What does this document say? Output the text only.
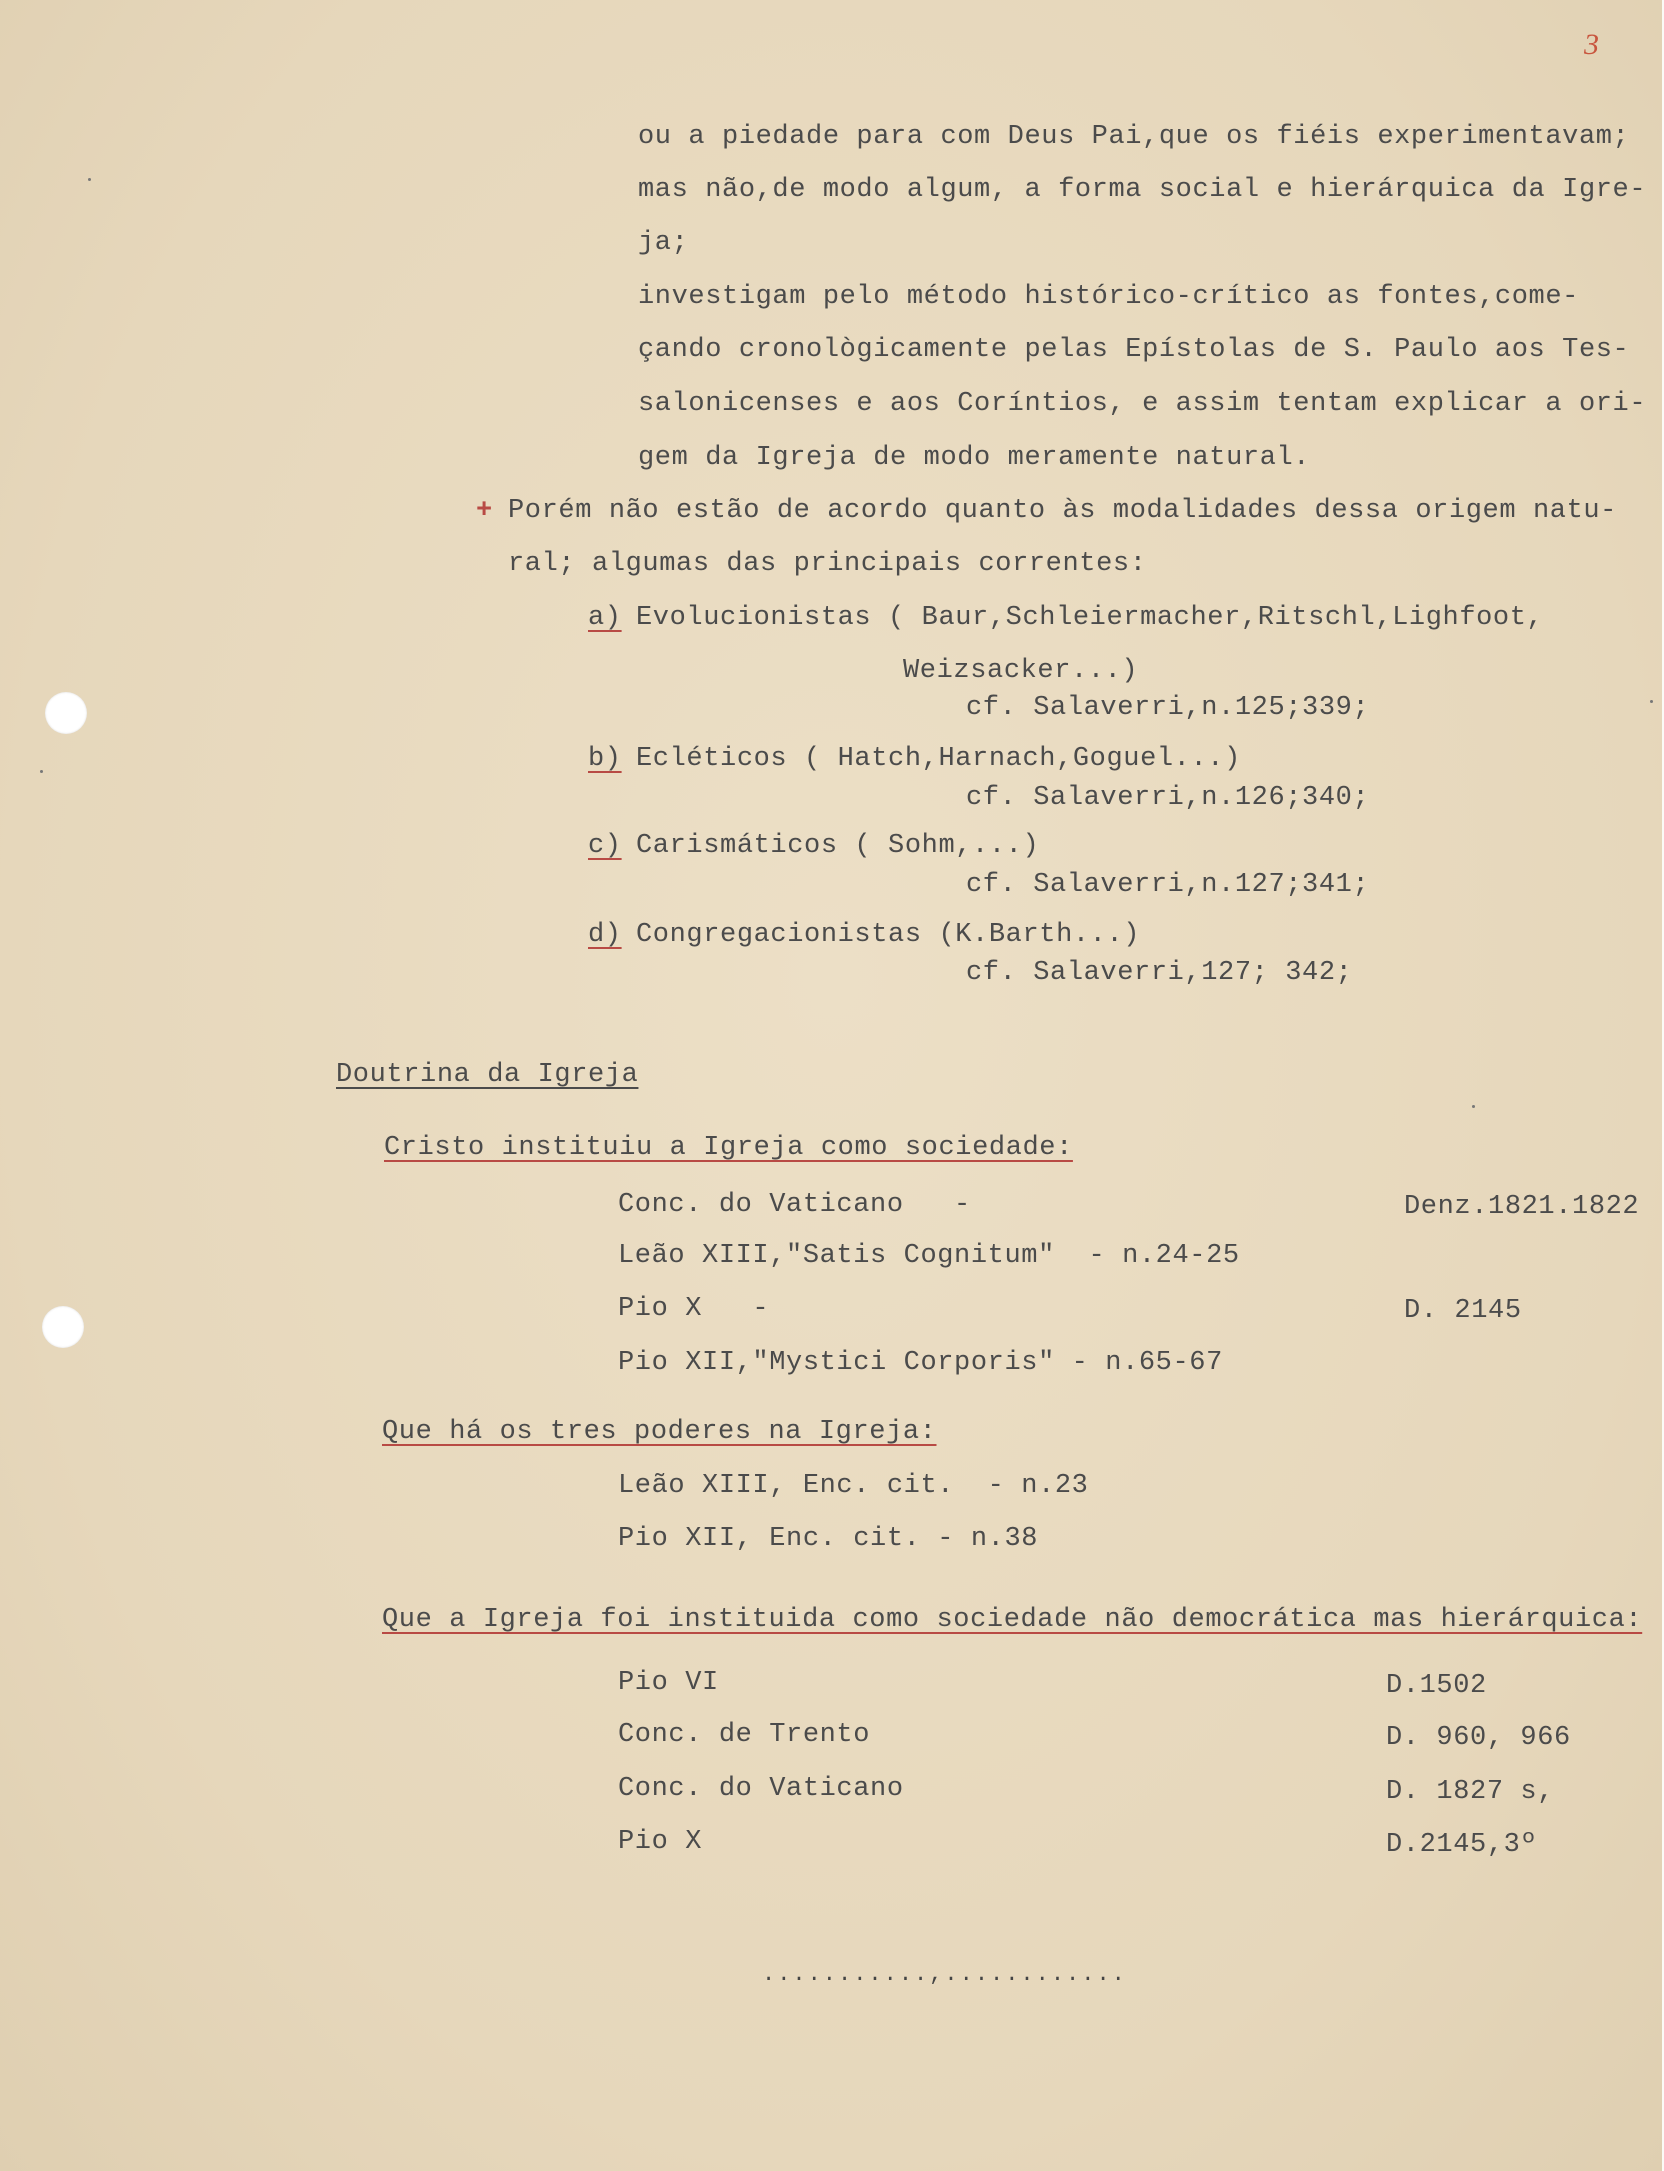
3
ou a piedade para com Deus Pai,que os fiéis experimentavam;
mas não,de modo algum, a forma social e hierárquica da Igre-
ja;
investigam pelo método histórico-crítico as fontes,come-
çando cronològicamente pelas Epístolas de S. Paulo aos Tes-
salonicenses e aos Coríntios, e assim tentam explicar a ori-
gem da Igreja de modo meramente natural.
+ Porém não estão de acordo quanto às modalidades dessa origem natu-
ral; algumas das principais correntes:
a) Evolucionistas ( Baur,Schleiermacher,Ritschl,Lighfoot,
Weizsacker...)
cf. Salaverri,n.125;339;
b) Ecléticos ( Hatch,Harnach,Goguel...)
cf. Salaverri,n.126;340;
c) Carismáticos ( Sohm,...)
cf. Salaverri,n.127;341;
d) Congregacionistas (K.Barth...)
cf. Salaverri,127; 342;
Doutrina da Igreja
Cristo instituiu a Igreja como sociedade:
Conc. do Vaticano   -	Denz.1821.1822
Leão XIII,"Satis Cognitum"  - n.24-25
Pio X   -	D. 2145
Pio XII,"Mystici Corporis" - n.65-67
Que há os tres poderes na Igreja:
Leão XIII, Enc. cit.  - n.23
Pio XII, Enc. cit. - n.38
Que a Igreja foi instituida como sociedade não democrática mas hierárquica:
Pio VI	D.1502
Conc. de Trento	D. 960, 966
Conc. do Vaticano	D. 1827 s,
Pio X	D.2145,3º
...........,............
